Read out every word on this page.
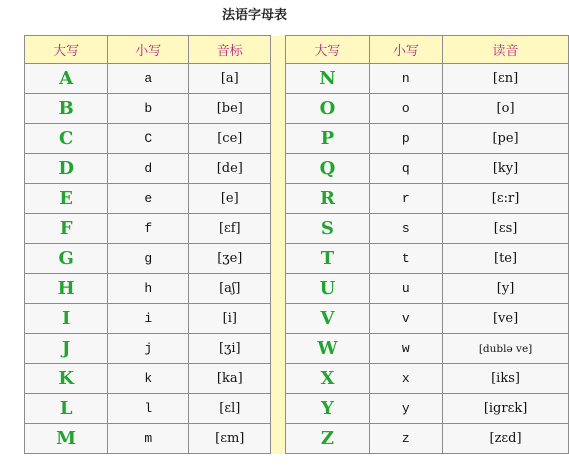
法语字母表
大写	小写	音标		大写	小写	读音
A	a	[a]		N	n	[ɛn]
B	b	[be]		O	o	[o]
C	C	[ce]		P	p	[pe]
D	d	[de]		Q	q	[ky]
E	e	[e]		R	r	[ɛ:r]
F	f	[ɛf]		S	s	[ɛs]
G	g	[ʒe]		T	t	[te]
H	h	[aʃ]		U	u	[y]
I	i	[i]		V	v	[ve]
J	j	[ʒi]		W	w	[dublə ve]
K	k	[ka]		X	x	[iks]
L	l	[ɛl]		Y	y	[igrɛk]
M	m	[ɛm]		Z	z	[zɛd]
